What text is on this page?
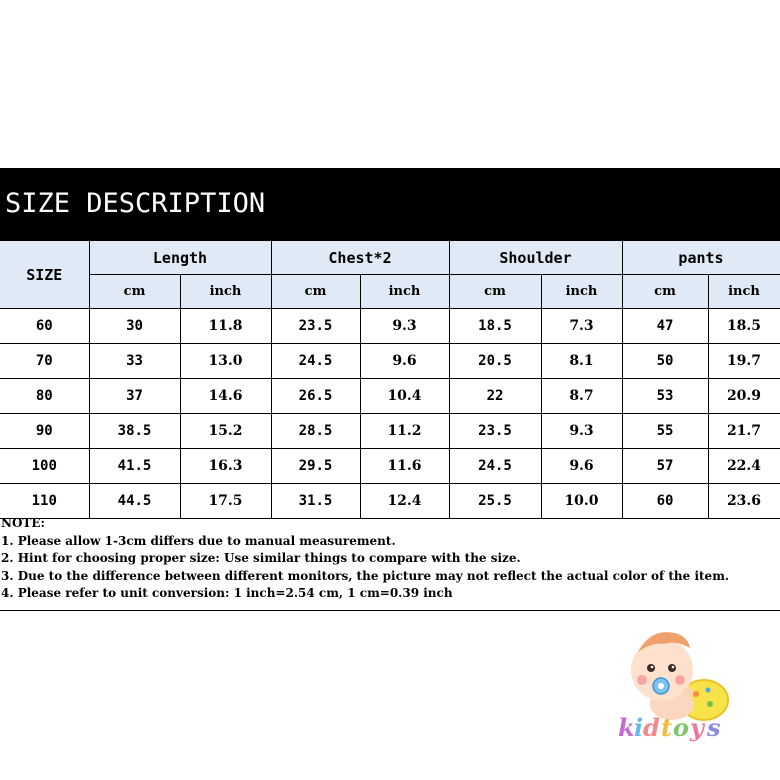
SIZE DESCRIPTION
SIZE	Length		Chest*2		Shoulder		pants	
	cm	inch	cm	inch	cm	inch	cm	inch
60	30	11.8	23.5	9.3	18.5	7.3	47	18.5
70	33	13.0	24.5	9.6	20.5	8.1	50	19.7
80	37	14.6	26.5	10.4	22	8.7	53	20.9
90	38.5	15.2	28.5	11.2	23.5	9.3	55	21.7
100	41.5	16.3	29.5	11.6	24.5	9.6	57	22.4
110	44.5	17.5	31.5	12.4	25.5	10.0	60	23.6
NOTE:
1. Please allow 1-3cm differs due to manual measurement.
2. Hint for choosing proper size: Use similar things to compare with the size.
3. Due to the difference between different monitors, the picture may not reflect the actual color of the item.
4. Please refer to unit conversion: 1 inch=2.54 cm, 1 cm=0.39 inch
k i d t o y s
